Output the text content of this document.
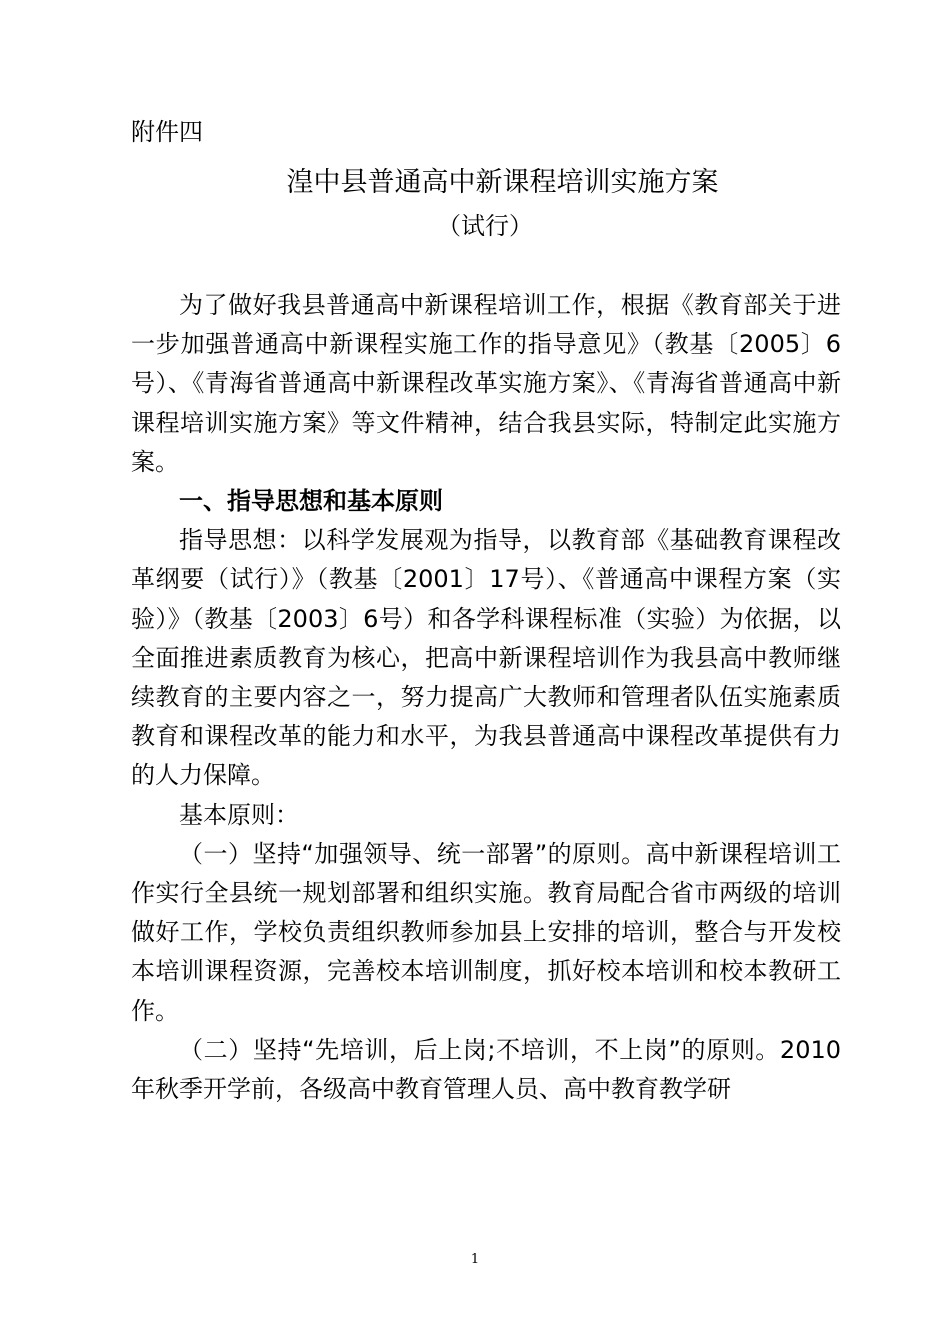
附件四
湟中县普通高中新课程培训实施方案
（试行）

为了做好我县普通高中新课程培训工作，根据《教育部关于进一步加强普通高中新课程实施工作的指导意见》（教基〔2005〕6号）、《青海省普通高中新课程改革实施方案》、《青海省普通高中新课程培训实施方案》等文件精神，结合我县实际，特制定此实施方案。

一、指导思想和基本原则

指导思想：以科学发展观为指导，以教育部《基础教育课程改革纲要（试行）》（教基〔2001〕17号）、《普通高中课程方案（实验）》（教基〔2003〕6号）和各学科课程标准（实验）为依据，以全面推进素质教育为核心，把高中新课程培训作为我县高中教师继续教育的主要内容之一，努力提高广大教师和管理者队伍实施素质教育和课程改革的能力和水平，为我县普通高中课程改革提供有力的人力保障。

基本原则：

（一）坚持“加强领导、统一部署”的原则。高中新课程培训工作实行全县统一规划部署和组织实施。教育局配合省市两级的培训做好工作，学校负责组织教师参加县上安排的培训，整合与开发校本培训课程资源，完善校本培训制度，抓好校本培训和校本教研工作。

（二）坚持“先培训，后上岗;不培训，不上岗”的原则。2010年秋季开学前，各级高中教育管理人员、高中教育教学研

1
